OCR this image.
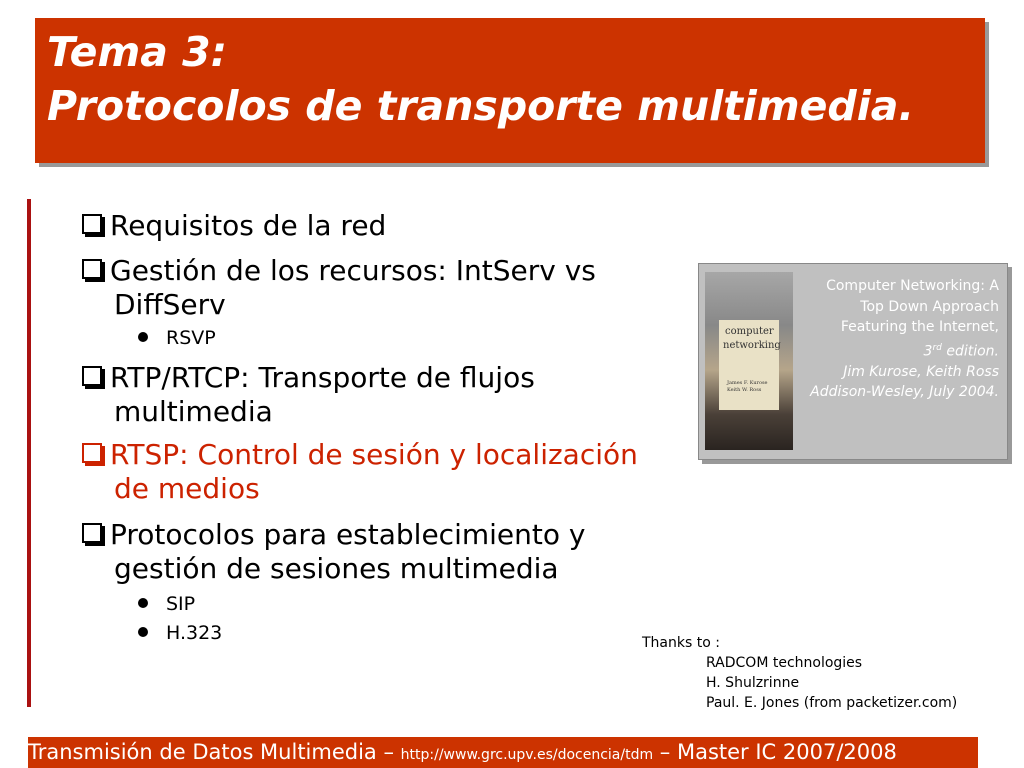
Tema 3:
Protocolos de transporte multimedia.
Requisitos de la red
Gestión de los recursos: IntServ vs
DiffServ
RSVP
RTP/RTCP: Transporte de flujos
multimedia
RTSP: Control de sesión y localización
de medios
Protocolos para establecimiento y
gestión de sesiones multimedia
SIP
H.323
computer
networking
James F. Kurose Keith W. Ross
Computer Networking: A
Top Down Approach
Featuring the Internet,
3rd edition.
Jim Kurose, Keith Ross
Addison-Wesley, July 2004.
Thanks to :
RADCOM technologies
H. Shulzrinne
Paul. E. Jones (from packetizer.com)
Transmisión de Datos Multimedia – http://www.grc.upv.es/docencia/tdm – Master IC 2007/2008
